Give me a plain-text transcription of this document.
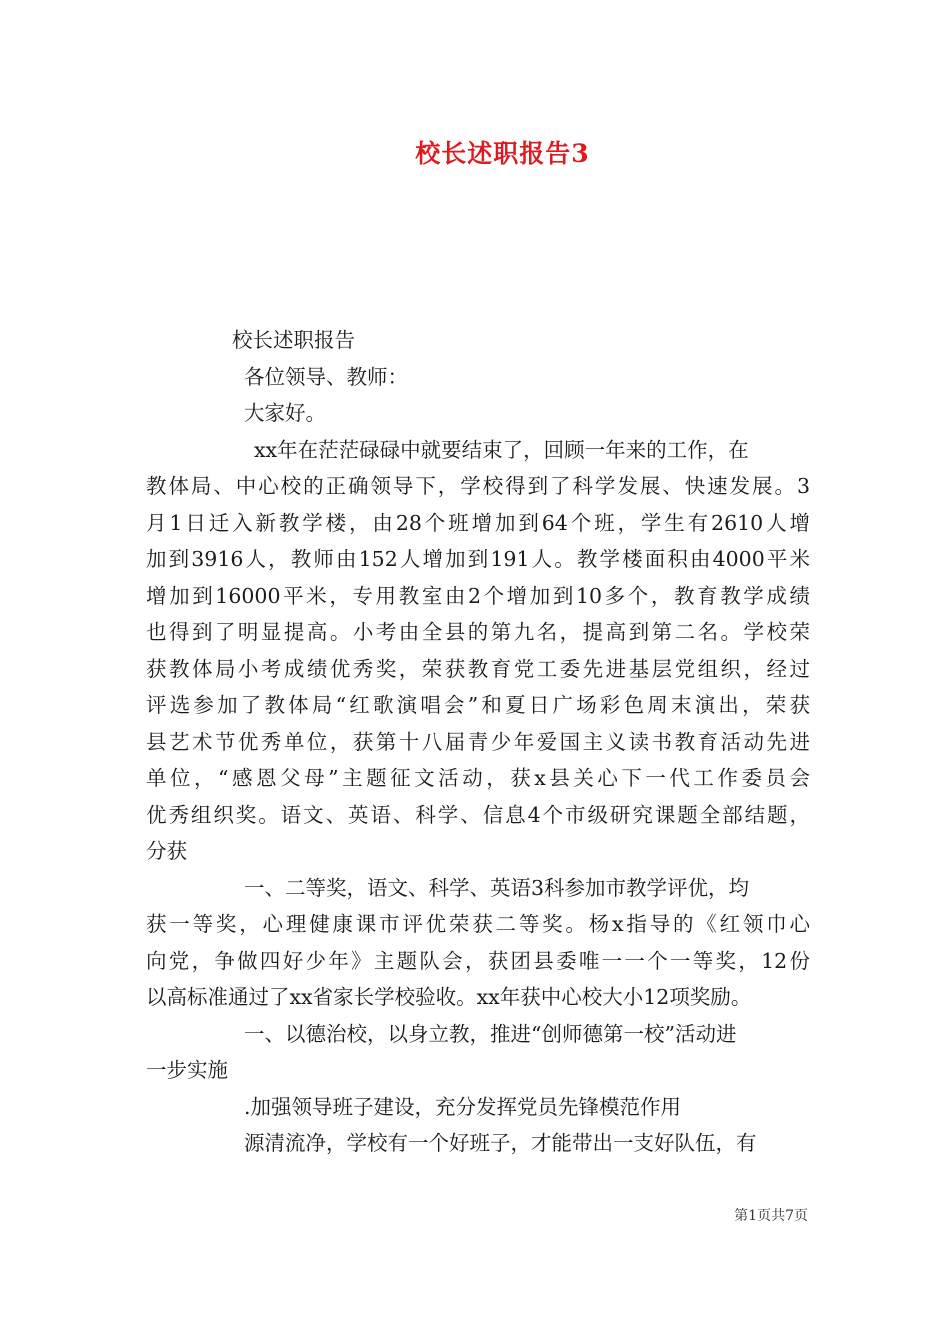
校长述职报告3
校长述职报告
各位领导、教师：
大家好。
xx年在茫茫碌碌中就要结束了，回顾一年来的工作，在
教体局、中心校的正确领导下，学校得到了科学发展、快速发展。3
月1日迁入新教学楼，由28个班增加到64个班，学生有2610人增
加到3916人，教师由152人增加到191人。教学楼面积由4000平米
增加到16000平米，专用教室由2个增加到10多个，教育教学成绩
也得到了明显提高。小考由全县的第九名，提高到第二名。学校荣
获教体局小考成绩优秀奖，荣获教育党工委先进基层党组织，经过
评选参加了教体局“红歌演唱会”和夏日广场彩色周末演出，荣获
县艺术节优秀单位，获第十八届青少年爱国主义读书教育活动先进
单位，“感恩父母”主题征文活动，获x县关心下一代工作委员会
优秀组织奖。语文、英语、科学、信息4个市级研究课题全部结题，
分获
一、二等奖，语文、科学、英语3科参加市教学评优，均
获一等奖，心理健康课市评优荣获二等奖。杨x指导的《红领巾心
向党，争做四好少年》主题队会，获团县委唯一一个一等奖，12份
以高标准通过了xx省家长学校验收。xx年获中心校大小12项奖励。
一、以德治校，以身立教，推进“创师德第一校”活动进
一步实施
.加强领导班子建设，充分发挥党员先锋模范作用
源清流净，学校有一个好班子，才能带出一支好队伍，有
第1页共7页
